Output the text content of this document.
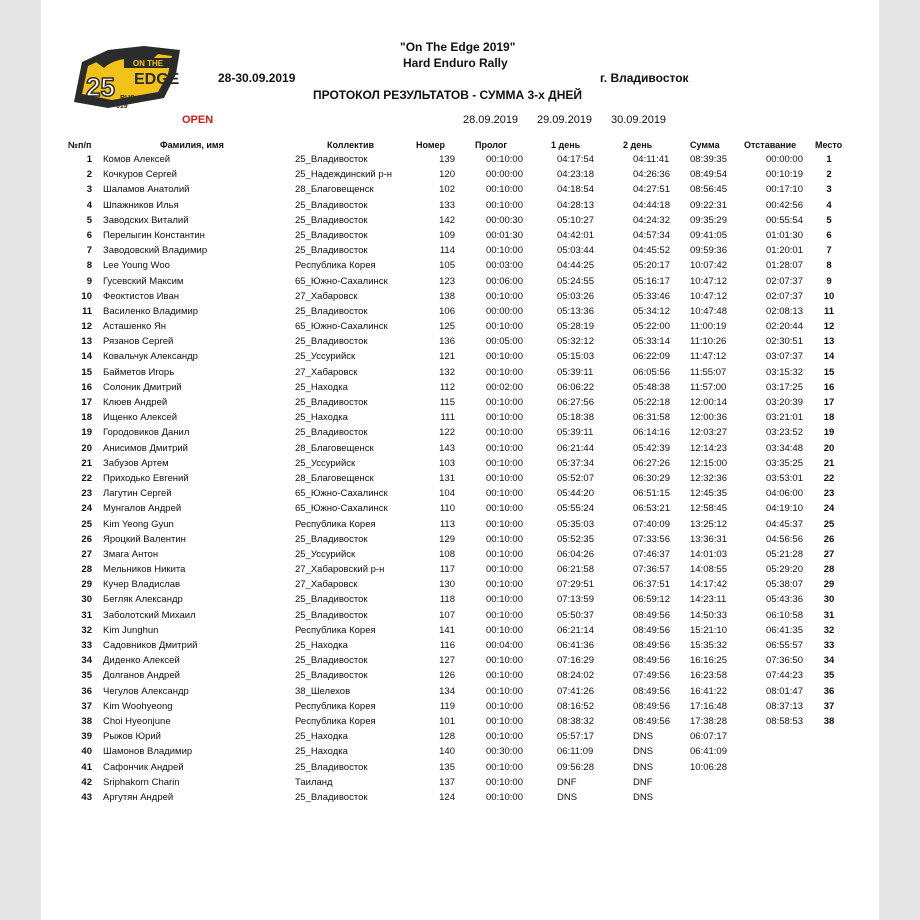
ON THE
EDGE
25 RUS
019
"On The Edge 2019"
Hard Enduro Rally
28-30.09.2019	г. Владивосток
ПРОТОКОЛ РЕЗУЛЬТАТОВ - СУММА 3-х ДНЕЙ
OPEN	28.09.2019 29.09.2019 30.09.2019
№п/п	Фамилия, имя	Коллектив	Номер	Пролог	1 день	2 день	Сумма	Отставание Место
1 Комов Алексей	25_Владивосток	139	00:10:00	04:17:54	04:11:41 08:39:35	00:00:00	1
2 Кочкуров Сергей	25_Надеждинский р-н	120	00:00:00	04:23:18	04:26:36 08:49:54	00:10:19	2
3 Шаламов Анатолий	28_Благовещенск	102	00:10:00	04:18:54	04:27:51 08:56:45	00:17:10	3
4 Шпажников Илья	25_Владивосток	133	00:10:00	04:28:13	04:44:18 09:22:31	00:42:56	4
5 Заводских Виталий	25_Владивосток	142	00:00:30	05:10:27	04:24:32 09:35:29	00:55:54	5
6 Перелыгин Константин	25_Владивосток	109	00:01:30	04:42:01	04:57:34 09:41:05	01:01:30	6
7 Заводовский Владимир	25_Владивосток	114	00:10:00	05:03:44	04:45:52 09:59:36	01:20:01	7
8 Lee Young Woo	Республика Корея	105	00:03:00	04:44:25	05:20:17 10:07:42	01:28:07	8
9 Гусевский Максим	65_Южно-Сахалинск	123	00:06:00	05:24:55	05:16:17 10:47:12	02:07:37	9
10 Феоктистов Иван	27_Хабаровск	138	00:10:00	05:03:26	05:33:46 10:47:12	02:07:37 10
11 Василенко Владимир	25_Владивосток	106	00:00:00	05:13:36	05:34:12 10:47:48	02:08:13 11
12 Асташенко Ян	65_Южно-Сахалинск	125	00:10:00	05:28:19	05:22:00 11:00:19	02:20:44 12
13 Рязанов Сергей	25_Владивосток	136	00:05:00	05:32:12	05:33:14 11:10:26	02:30:51 13
14 Ковальчук Александр	25_Уссурийск	121	00:10:00	05:15:03	06:22:09 11:47:12	03:07:37 14
15 Байметов Игорь	27_Хабаровск	132	00:10:00	05:39:11	06:05:56 11:55:07	03:15:32 15
16 Солоник Дмитрий	25_Находка	112	00:02:00	06:06:22	05:48:38 11:57:00	03:17:25 16
17 Клюев Андрей	25_Владивосток	115	00:10:00	06:27:56	05:22:18 12:00:14	03:20:39 17
18 Ищенко Алексей	25_Находка	111	00:10:00	05:18:38	06:31:58 12:00:36	03:21:01 18
19 Городовиков Данил	25_Владивосток	122	00:10:00	05:39:11	06:14:16 12:03:27	03:23:52 19
20 Анисимов Дмитрий	28_Благовещенск	143	00:10:00	06:21:44	05:42:39 12:14:23	03:34:48 20
21 Забузов Артем	25_Уссурийск	103	00:10:00	05:37:34	06:27:26 12:15:00	03:35:25 21
22 Приходько Евгений	28_Благовещенск	131	00:10:00	05:52:07	06:30:29 12:32:36	03:53:01 22
23 Лагутин Сергей	65_Южно-Сахалинск	104	00:10:00	05:44:20	06:51:15 12:45:35	04:06:00 23
24 Мунгалов Андрей	65_Южно-Сахалинск	110	00:10:00	05:55:24	06:53:21 12:58:45	04:19:10 24
25 Kim Yeong Gyun	Республика Корея	113	00:10:00	05:35:03	07:40:09 13:25:12	04:45:37 25
26 Яроцкий Валентин	25_Владивосток	129	00:10:00	05:52:35	07:33:56 13:36:31	04:56:56 26
27 Змага Антон	25_Уссурийск	108	00:10:00	06:04:26	07:46:37 14:01:03	05:21:28 27
28 Мельников Никита	27_Хабаровский р-н	117	00:10:00	06:21:58	07:36:57 14:08:55	05:29:20 28
29 Кучер Владислав	27_Хабаровск	130	00:10:00	07:29:51	06:37:51 14:17:42	05:38:07 29
30 Бегляк Александр	25_Владивосток	118	00:10:00	07:13:59	06:59:12 14:23:11	05:43:36 30
31 Заболотский Михаил	25_Владивосток	107	00:10:00	05:50:37	08:49:56 14:50:33	06:10:58 31
32 Kim Junghun	Республика Корея	141	00:10:00	06:21:14	08:49:56 15:21:10	06:41:35 32
33 Садовников Дмитрий	25_Находка	116	00:04:00	06:41:36	08:49:56 15:35:32	06:55:57 33
34 Диденко Алексей	25_Владивосток	127	00:10:00	07:16:29	08:49:56 16:16:25	07:36:50 34
35 Долганов Андрей	25_Владивосток	126	00:10:00	08:24:02	07:49:56 16:23:58	07:44:23 35
36 Чегулов Александр	38_Шелехов	134	00:10:00	07:41:26	08:49:56 16:41:22	08:01:47 36
37 Kim Woohyeong	Республика Корея	119	00:10:00	08:16:52	08:49:56 17:16:48	08:37:13 37
38 Choi Hyeonjune	Республика Корея	101	00:10:00	08:38:32	08:49:56 17:38:28	08:58:53 38
39 Рыжов Юрий	25_Находка	128	00:10:00	05:57:17	DNS	06:07:17
40 Шамонов Владимир	25_Находка	140	00:30:00	06:11:09	DNS	06:41:09
41 Сафончик Андрей	25_Владивосток	135	00:10:00	09:56:28	DNS	10:06:28
42 Sriphakorn Charin	Таиланд	137	00:10:00	DNF	DNF
43 Аргутян Андрей	25_Владивосток	124	00:10:00	DNS	DNS
